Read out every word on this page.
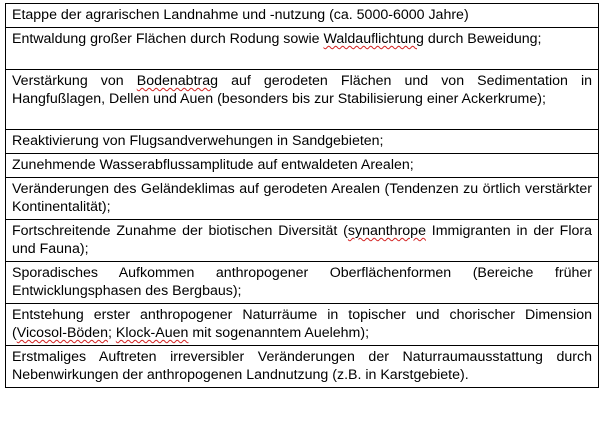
Etappe der agrarischen Landnahme und -nutzung (ca. 5000-6000 Jahre)
Entwaldung großer Flächen durch Rodung sowie Waldauflichtung durch Beweidung;
Verstärkung von Bodenabtrag auf gerodeten Flächen und von Sedimentation in Hangfußlagen, Dellen und Auen (besonders bis zur Stabilisierung einer Ackerkrume);
Reaktivierung von Flugsandverwehungen in Sandgebieten;
Zunehmende Wasserabflussamplitude auf entwaldeten Arealen;
Veränderungen des Geländeklimas auf gerodeten Arealen (Tendenzen zu örtlich verstärkter Kontinentalität);
Fortschreitende Zunahme der biotischen Diversität (synanthrope Immigranten in der Flora und Fauna);
Sporadisches Aufkommen anthropogener Oberflächenformen (Bereiche früher Entwicklungsphasen des Bergbaus);
Entstehung erster anthropogener Naturräume in topischer und chorischer Dimension (Vicosol-Böden; Klock-Auen mit sogenanntem Auelehm);
Erstmaliges Auftreten irreversibler Veränderungen der Naturraumausstattung durch Nebenwirkungen der anthropogenen Landnutzung (z.B. in Karstgebiete).
